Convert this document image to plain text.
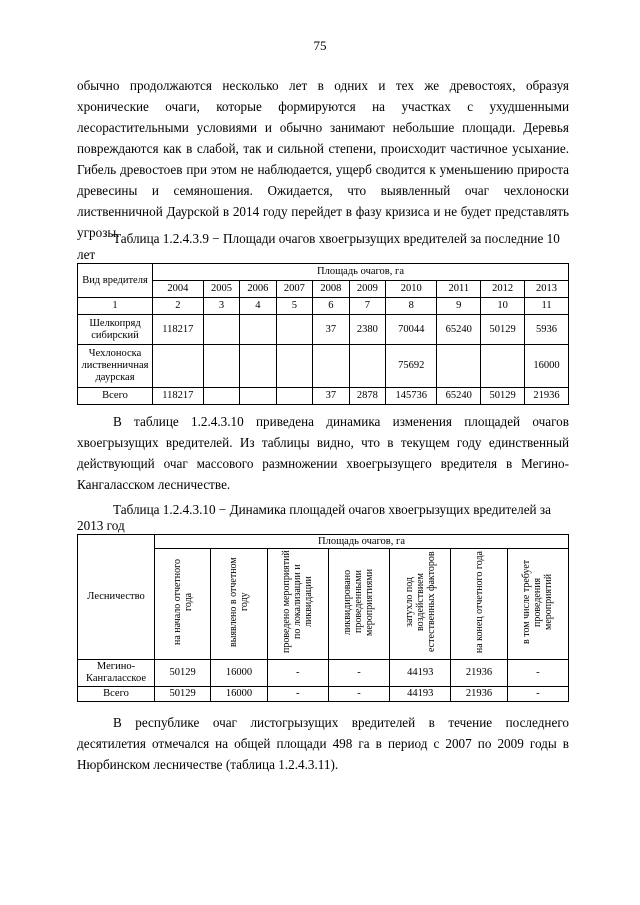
75

обычно продолжаются несколько лет в одних и тех же древостоях, образуя хронические очаги, которые формируются на участках с ухудшенными лесорастительными условиями и обычно занимают небольшие площади. Деревья повреждаются как в слабой, так и сильной степени, происходит частичное усыхание. Гибель древостоев при этом не наблюдается, ущерб сводится к уменьшению прироста древесины и семяношения. Ожидается, что выявленный очаг чехлоноски лиственничной Даурской в 2014 году перейдет в фазу кризиса и не будет представлять угрозы.

Таблица 1.2.4.3.9 − Площади очагов хвоегрызущих вредителей за последние 10 лет

Вид вредителя	Площадь очагов, га									
	2004	2005	2006	2007	2008	2009	2010	2011	2012	2013
1	2	3	4	5	6	7	8	9	10	11
Шелкопряд сибирский	118217				37	2380	70044	65240	50129	5936
Чехлоноска лиственничная даурская							75692			16000
Всего	118217				37	2878	145736	65240	50129	21936

В таблице 1.2.4.3.10 приведена динамика изменения площадей очагов хвоегрызущих вредителей. Из таблицы видно, что в текущем году единственный действующий очаг массового размножении хвоегрызущего вредителя в Мегино-Кангаласском лесничестве.

Таблица 1.2.4.3.10 − Динамика площадей очагов хвоегрызущих вредителей за 2013 год

Лесничество	Площадь очагов, га						
	на начало отчетного года	выявлено в отчетном году	проведено мероприятий по локализации и ликвидации	ликвидировано проведенными мероприятиями	затухло под воздействием естественных факторов	на конец отчетного года	в том числе требует проведения мероприятий
Мегино-Кангаласское	50129	16000	-	-	44193	21936	-
Всего	50129	16000	-	-	44193	21936	-

В республике очаг листогрызущих вредителей в течение последнего десятилетия отмечался на общей площади 498 га в период с 2007 по 2009 годы в Нюрбинском лесничестве (таблица 1.2.4.3.11).
